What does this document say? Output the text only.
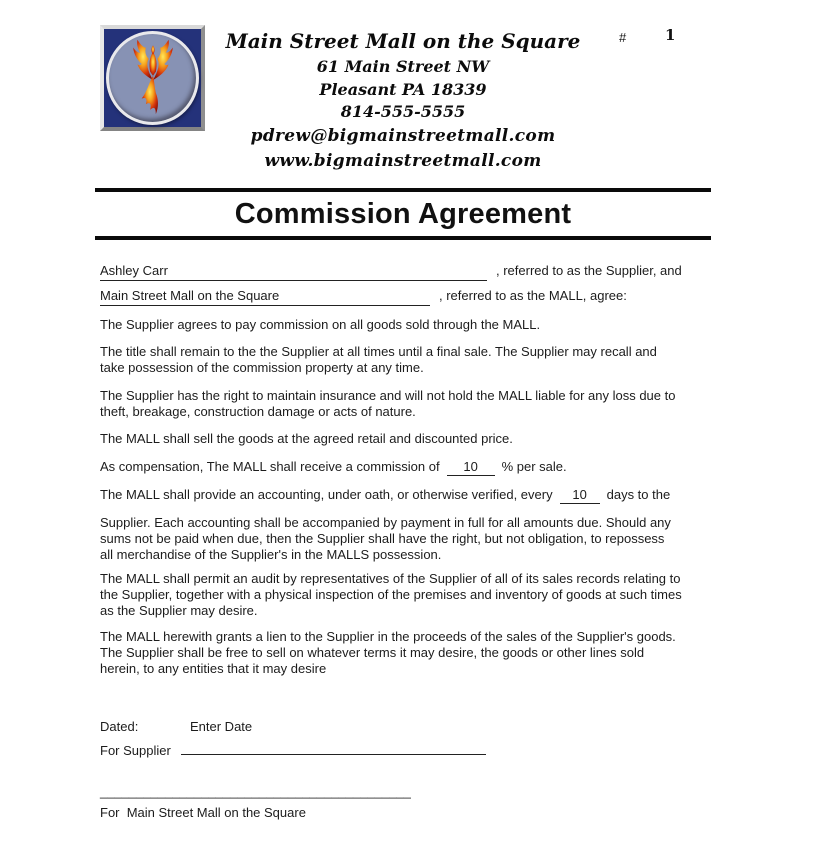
Main Street Mall on the Square
61 Main Street NW
Pleasant PA 18339
814-555-5555
pdrew@bigmainstreetmall.com
www.bigmainstreetmall.com
#	1
Commission Agreement
Ashley Carr	, referred to as the Supplier, and
Main Street Mall on the Square	, referred to as the MALL, agree:
The Supplier agrees to pay commission on all goods sold through the MALL.
The title shall remain to the the Supplier at all times until a final sale. The Supplier may recall and
take possession of the commission property at any time.
The Supplier has the right to maintain insurance and will not hold the MALL liable for any loss due to
theft, breakage, construction damage or acts of nature.
The MALL shall sell the goods at the agreed retail and discounted price.
As compensation, The MALL shall receive a commission of 10 % per sale.
The MALL shall provide an accounting, under oath, or otherwise verified, every 10 days to the
Supplier. Each accounting shall be accompanied by payment in full for all amounts due. Should any
sums not be paid when due, then the Supplier shall have the right, but not obligation, to repossess
all merchandise of the Supplier's in the MALLS possession.
The MALL shall permit an audit by representatives of the Supplier of all of its sales records relating to
the Supplier, together with a physical inspection of the premises and inventory of goods at such times
as the Supplier may desire.
The MALL herewith grants a lien to the Supplier in the proceeds of the sales of the Supplier's goods.
The Supplier shall be free to sell on whatever terms it may desire, the goods or other lines sold
herein, to any entities that it may desire
Dated:	Enter Date
For Supplier
___________________________________________
For  Main Street Mall on the Square
